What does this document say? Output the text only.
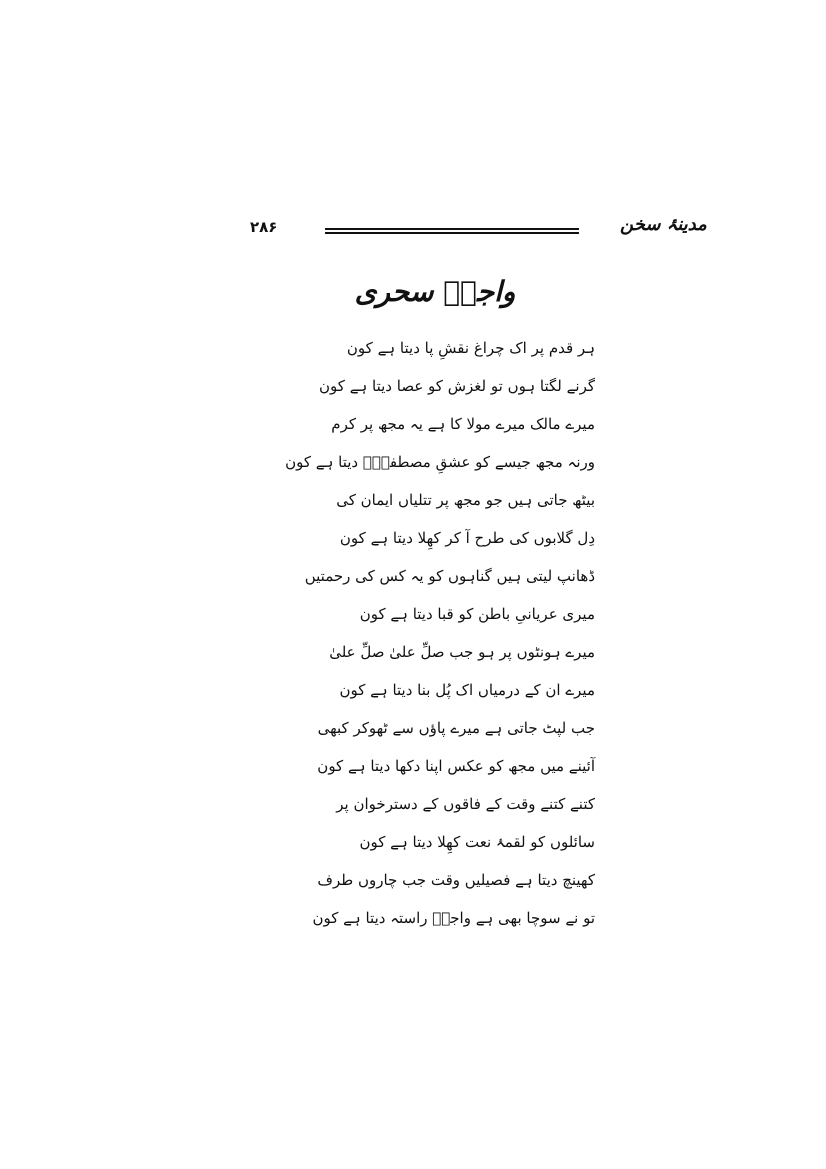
۲۸۶	مدینۂ سخن
واجدؔ سحری
ہر قدم پر اک چراغ نقشِ پا دیتا ہے کون
گرنے لگتا ہوں تو لغزش کو عصا دیتا ہے کون
میرے مالک میرے مولا کا ہے یہ مجھ پر کرم
ورنہ مجھ جیسے کو عشقِ مصطفیٰؐ دیتا ہے کون
بیٹھ جاتی ہیں جو مجھ پر تتلیاں ایمان کی
دِل گلابوں کی طرح آ کر کھِلا دیتا ہے کون
ڈھانپ لیتی ہیں گناہوں کو یہ کس کی رحمتیں
میری عریانیِ باطن کو قبا دیتا ہے کون
میرے ہونٹوں پر ہو جب صلِّ علیٰ صلِّ علیٰ
میرے ان کے درمیاں اک پُل بنا دیتا ہے کون
جب لپٹ جاتی ہے میرے پاؤں سے ٹھوکر کبھی
آئینے میں مجھ کو عکس اپنا دکھا دیتا ہے کون
کتنے کتنے وقت کے فاقوں کے دسترخوان پر
سائلوں کو لقمۂ نعت کھِلا دیتا ہے کون
کھینچ دیتا ہے فصیلیں وقت جب چاروں طرف
تو نے سوچا بھی ہے واجدؔ راستہ دیتا ہے کون
